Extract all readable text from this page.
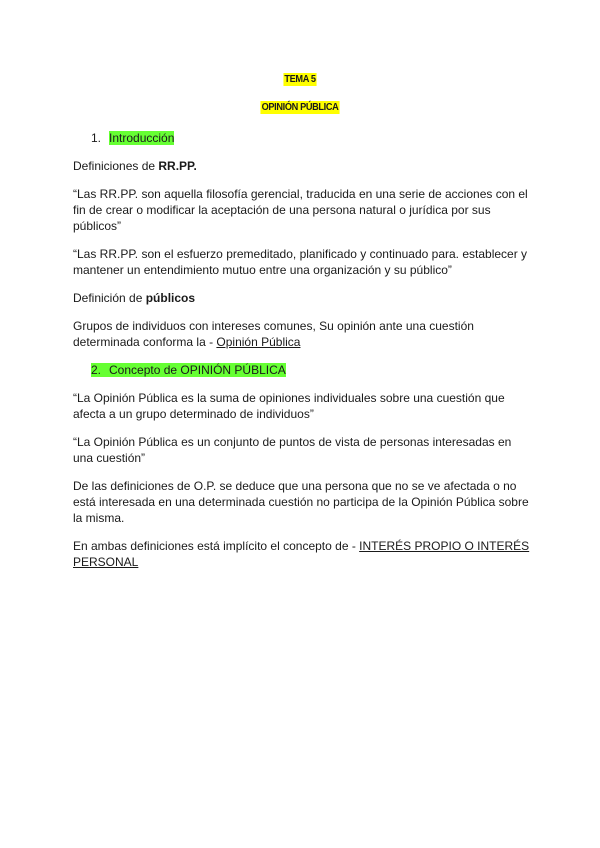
TEMA 5
OPINIÓN PÚBLICA
1. Introducción

Definiciones de RR.PP.

“Las RR.PP. son aquella filosofía gerencial, traducida en una serie de acciones con el fin de crear o modificar la aceptación de una persona natural o jurídica por sus públicos”

“Las RR.PP. son el esfuerzo premeditado, planificado y continuado para. establecer y mantener un entendimiento mutuo entre una organización y su público”

Definición de públicos

Grupos de individuos con intereses comunes, Su opinión ante una cuestión determinada conforma la - Opinión Pública

2. Concepto de OPINIÓN PÚBLICA

“La Opinión Pública es la suma de opiniones individuales sobre una cuestión que afecta a un grupo determinado de individuos”

“La Opinión Pública es un conjunto de puntos de vista de personas interesadas en una cuestión”

De las definiciones de O.P. se deduce que una persona que no se ve afectada o no está interesada en una determinada cuestión no participa de la Opinión Pública sobre la misma.

En ambas definiciones está implícito el concepto de - INTERÉS PROPIO O INTERÉS PERSONAL
